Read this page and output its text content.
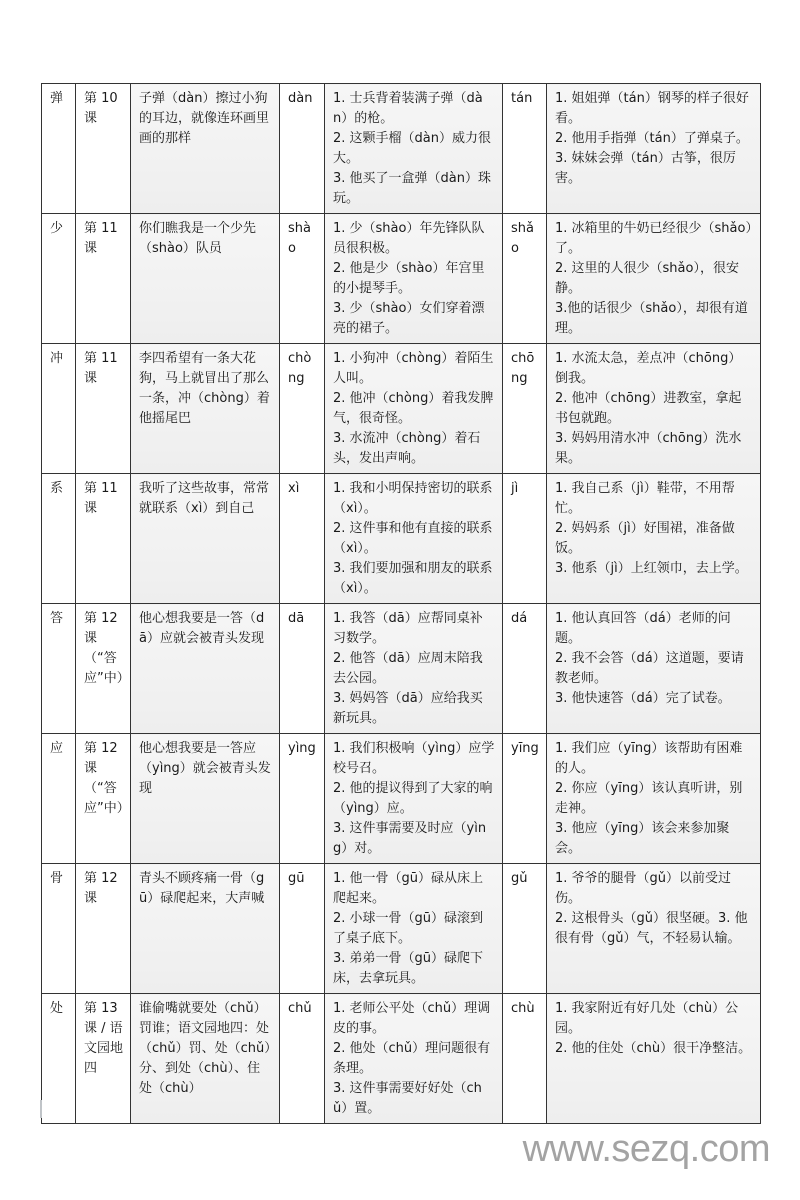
弹	第 10 课	子弹（dàn）擦过小狗的耳边，就像连环画里画的那样	dàn	1. 士兵背着装满子弹（dàn）的枪。
2. 这颗手榴（dàn）威力很大。
3. 他买了一盒弹（dàn）珠玩。	tán	1. 姐姐弹（tán）钢琴的样子很好看。
2. 他用手指弹（tán）了弹桌子。
3. 妹妹会弹（tán）古筝，很厉害。

少	第 11 课	你们瞧我是一个少先（shào）队员	shào	1. 少（shào）年先锋队队员很积极。
2. 他是少（shào）年宫里的小提琴手。
3. 少（shào）女们穿着漂亮的裙子。	shǎo	1. 冰箱里的牛奶已经很少（shǎo）了。
2. 这里的人很少（shǎo），很安静。
3.他的话很少（shǎo），却很有道理。

冲	第 11 课	李四希望有一条大花狗，马上就冒出了那么一条，冲（chòng）着他摇尾巴	chòng	1. 小狗冲（chòng）着陌生人叫。
2. 他冲（chòng）着我发脾气，很奇怪。
3. 水流冲（chòng）着石头，发出声响。	chōng	1. 水流太急，差点冲（chōng）倒我。
2. 他冲（chōng）进教室，拿起书包就跑。
3. 妈妈用清水冲（chōng）洗水果。

系	第 11 课	我听了这些故事，常常就联系（xì）到自己	xì	1. 我和小明保持密切的联系（xì）。
2. 这件事和他有直接的联系（xì）。
3. 我们要加强和朋友的联系（xì）。	jì	1. 我自己系（jì）鞋带，不用帮忙。
2. 妈妈系（jì）好围裙，准备做饭。
3. 他系（jì）上红领巾，去上学。

答	第 12 课（“答应”中）	他心想我要是一答（dā）应就会被青头发现	dā	1. 我答（dā）应帮同桌补习数学。
2. 他答（dā）应周末陪我去公园。
3. 妈妈答（dā）应给我买新玩具。	dá	1. 他认真回答（dá）老师的问题。
2. 我不会答（dá）这道题，要请教老师。
3. 他快速答（dá）完了试卷。

应	第 12 课（“答应”中）	他心想我要是一答应（yìng）就会被青头发现	yìng	1. 我们积极响（yìng）应学校号召。
2. 他的提议得到了大家的响（yìng）应。
3. 这件事需要及时应（yìng）对。	yīng	1. 我们应（yīng）该帮助有困难的人。
2. 你应（yīng）该认真听讲，别走神。
3. 他应（yīng）该会来参加聚会。

骨	第 12 课	青头不顾疼痛一骨（gū）碌爬起来，大声喊	gū	1. 他一骨（gū）碌从床上爬起来。
2. 小球一骨（gū）碌滚到了桌子底下。
3. 弟弟一骨（gū）碌爬下床，去拿玩具。	gǔ	1. 爷爷的腿骨（gǔ）以前受过伤。
2. 这根骨头（gǔ）很坚硬。3. 他很有骨（gǔ）气，不轻易认输。

处	第 13 课 / 语文园地四	谁偷嘴就要处（chǔ）罚谁；语文园地四：处（chǔ）罚、处（chǔ）分、到处（chù）、住处（chù）	chǔ	1. 老师公平处（chǔ）理调皮的事。
2. 他处（chǔ）理问题很有条理。
3. 这件事需要好好处（chǔ）置。	chù	1. 我家附近有好几处（chù）公园。
2. 他的住处（chù）很干净整洁。
www.sezq.com
